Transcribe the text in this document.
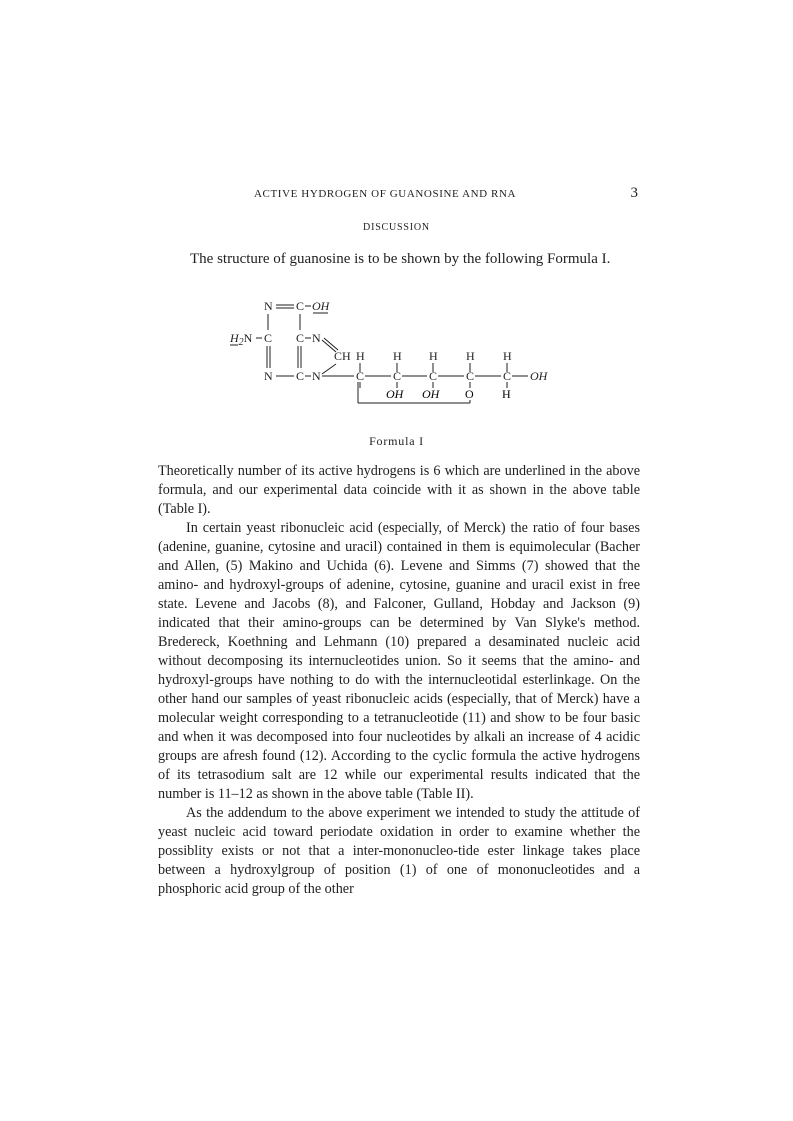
ACTIVE HYDROGEN OF GUANOSINE AND RNA	3
DISCUSSION

The structure of guanosine is to be shown by the following Formula I.

N C OH
$H_2N$ C C N
CH H H H H H
N C N	C C C C C OH
OH OH O H
Formula I

Theoretically number of its active hydrogens is 6 which are underlined in the above formula, and our experimental data coincide with it as shown in the above table (Table I).

In certain yeast ribonucleic acid (especially, of Merck) the ratio of four bases (adenine, guanine, cytosine and uracil) contained in them is equimolecular (Bacher and Allen, (5) Makino and Uchida (6). Levene and Simms (7) showed that the amino- and hydroxyl-groups of adenine, cytosine, guanine and uracil exist in free state. Levene and Jacobs (8), and Falconer, Gulland, Hobday and Jackson (9) indicated that their amino-groups can be determined by Van Slyke's method. Bredereck, Koethning and Lehmann (10) prepared a desaminated nucleic acid without decomposing its internucleotides union. So it seems that the amino- and hydroxyl-groups have nothing to do with the internucleotidal esterlinkage. On the other hand our samples of yeast ribonucleic acids (especially, that of Merck) have a molecular weight corresponding to a tetranucleotide (11) and show to be four basic and when it was decomposed into four nucleotides by alkali an increase of 4 acidic groups are afresh found (12). According to the cyclic formula the active hydrogens of its tetrasodium salt are 12 while our experimental results indicated that the number is 11–12 as shown in the above table (Table II).

As the addendum to the above experiment we intended to study the attitude of yeast nucleic acid toward periodate oxidation in order to examine whether the possiblity exists or not that a inter-mononucleo-tide ester linkage takes place between a hydroxylgroup of position (1) of one of mononucleotides and a phosphoric acid group of the other
